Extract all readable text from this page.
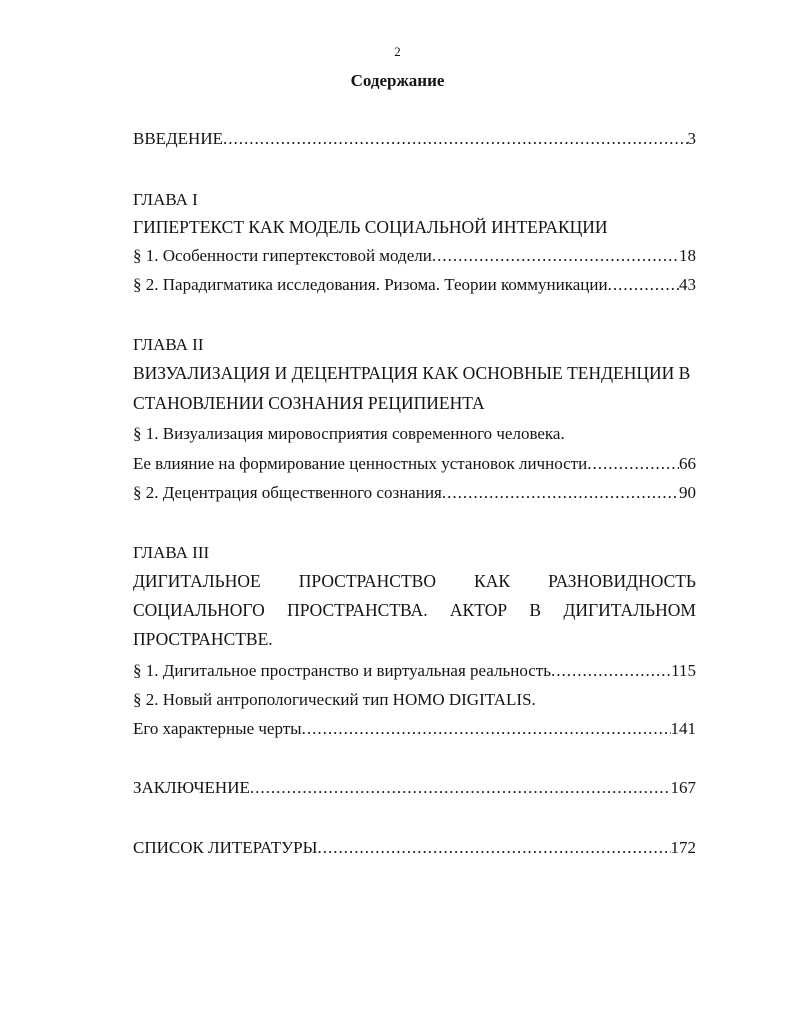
2
Содержание
ВВЕДЕНИЕ .....	3
ГЛАВА I
ГИПЕРТЕКСТ КАК МОДЕЛЬ СОЦИАЛЬНОЙ ИНТЕРАКЦИИ
§ 1. Особенности гипертекстовой модели .....	18
§ 2. Парадигматика исследования. Ризома. Теории коммуникации .....	43
ГЛАВА II
ВИЗУАЛИЗАЦИЯ И ДЕЦЕНТРАЦИЯ КАК ОСНОВНЫЕ ТЕНДЕНЦИИ В
СТАНОВЛЕНИИ СОЗНАНИЯ РЕЦИПИЕНТА
§ 1. Визуализация мировосприятия современного человека.
Ее влияние на формирование ценностных установок личности .....	66
§ 2. Децентрация общественного сознания .....	90
ГЛАВА III
ДИГИТАЛЬНОЕ ПРОСТРАНСТВО КАК РАЗНОВИДНОСТЬ
СОЦИАЛЬНОГО ПРОСТРАНСТВА. АКТОР В ДИГИТАЛЬНОМ
ПРОСТРАНСТВЕ.
§ 1. Дигитальное пространство и виртуальная реальность .....	115
§ 2. Новый антропологический тип HOMO DIGITALIS.
Его характерные черты .....	141
ЗАКЛЮЧЕНИЕ .....	167
СПИСОК ЛИТЕРАТУРЫ .....	172
